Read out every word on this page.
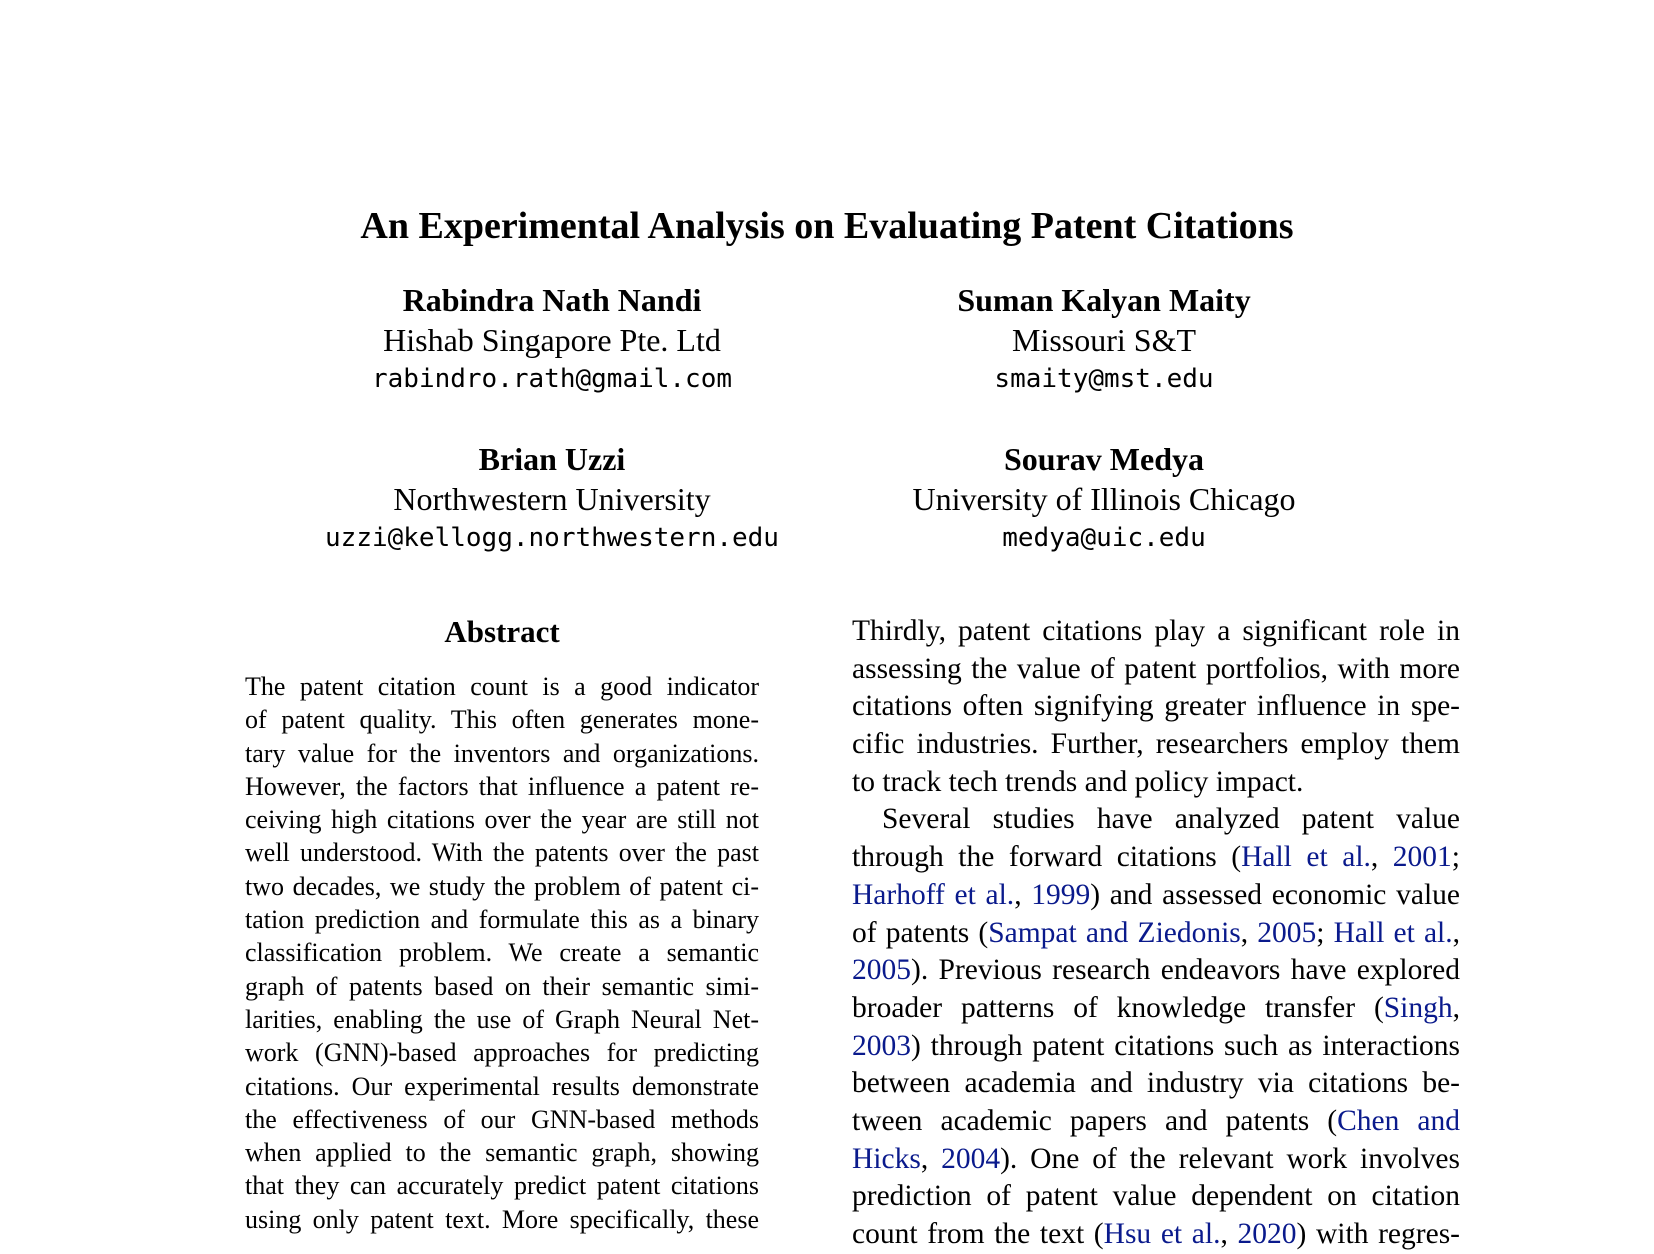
An Experimental Analysis on Evaluating Patent Citations
Rabindra Nath Nandi
Hishab Singapore Pte. Ltd
rabindro.rath@gmail.com
Suman Kalyan Maity
Missouri S&T
smaity@mst.edu
Brian Uzzi
Northwestern University
uzzi@kellogg.northwestern.edu
Sourav Medya
University of Illinois Chicago
medya@uic.edu
Abstract
The patent citation count is a good indicator
of patent quality. This often generates mone-
tary value for the inventors and organizations.
However, the factors that influence a patent re-
ceiving high citations over the year are still not
well understood. With the patents over the past
two decades, we study the problem of patent ci-
tation prediction and formulate this as a binary
classification problem. We create a semantic
graph of patents based on their semantic simi-
larities, enabling the use of Graph Neural Net-
work (GNN)-based approaches for predicting
citations. Our experimental results demonstrate
the effectiveness of our GNN-based methods
when applied to the semantic graph, showing
that they can accurately predict patent citations
using only patent text. More specifically, these
Thirdly, patent citations play a significant role in
assessing the value of patent portfolios, with more
citations often signifying greater influence in spe-
cific industries. Further, researchers employ them
to track tech trends and policy impact.
Several studies have analyzed patent value
through the forward citations (Hall et al., 2001;
Harhoff et al., 1999) and assessed economic value
of patents (Sampat and Ziedonis, 2005; Hall et al.,
2005). Previous research endeavors have explored
broader patterns of knowledge transfer (Singh,
2003) through patent citations such as interactions
between academia and industry via citations be-
tween academic papers and patents (Chen and
Hicks, 2004). One of the relevant work involves
prediction of patent value dependent on citation
count from the text (Hsu et al., 2020) with regres-
